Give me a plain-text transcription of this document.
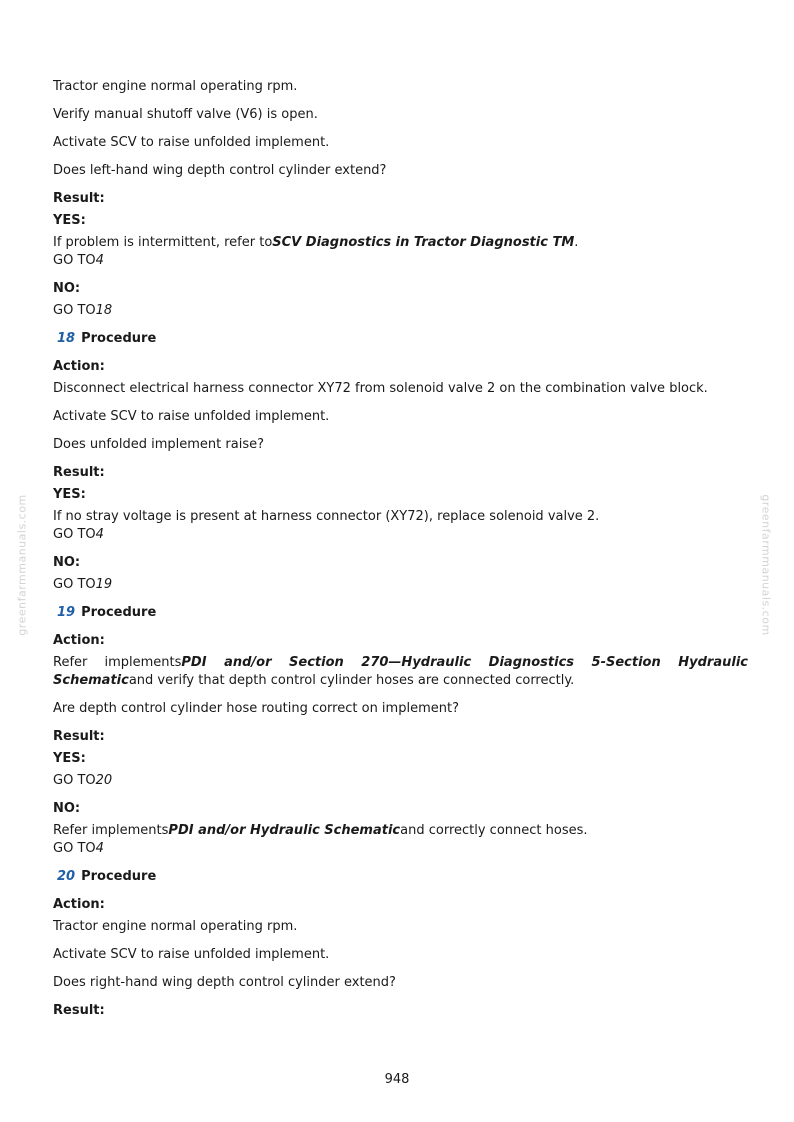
greenfarmmanuals.com	greenfarmmanuals.com

Tractor engine normal operating rpm.

Verify manual shutoff valve (V6) is open.

Activate SCV to raise unfolded implement.

Does left-hand wing depth control cylinder extend?

Result:
YES:

If problem is intermittent, refer toSCV Diagnostics in Tractor Diagnostic TM.

GO TO4

NO:

GO TO18

18 Procedure
Action:

Disconnect electrical harness connector XY72 from solenoid valve 2 on the combination valve block.

Activate SCV to raise unfolded implement.

Does unfolded implement raise?

Result:
YES:

If no stray voltage is present at harness connector (XY72), replace solenoid valve 2.

GO TO4

NO:

GO TO19

19 Procedure
Action:

Refer implementsPDI and/or Section 270—Hydraulic Diagnostics 5-Section Hydraulic Schematicand verify that depth control cylinder hoses are connected correctly.

Are depth control cylinder hose routing correct on implement?

Result:
YES:

GO TO20

NO:

Refer implementsPDI and/or Hydraulic Schematicand correctly connect hoses.

GO TO4

20 Procedure
Action:

Tractor engine normal operating rpm.

Activate SCV to raise unfolded implement.

Does right-hand wing depth control cylinder extend?

Result:
948
